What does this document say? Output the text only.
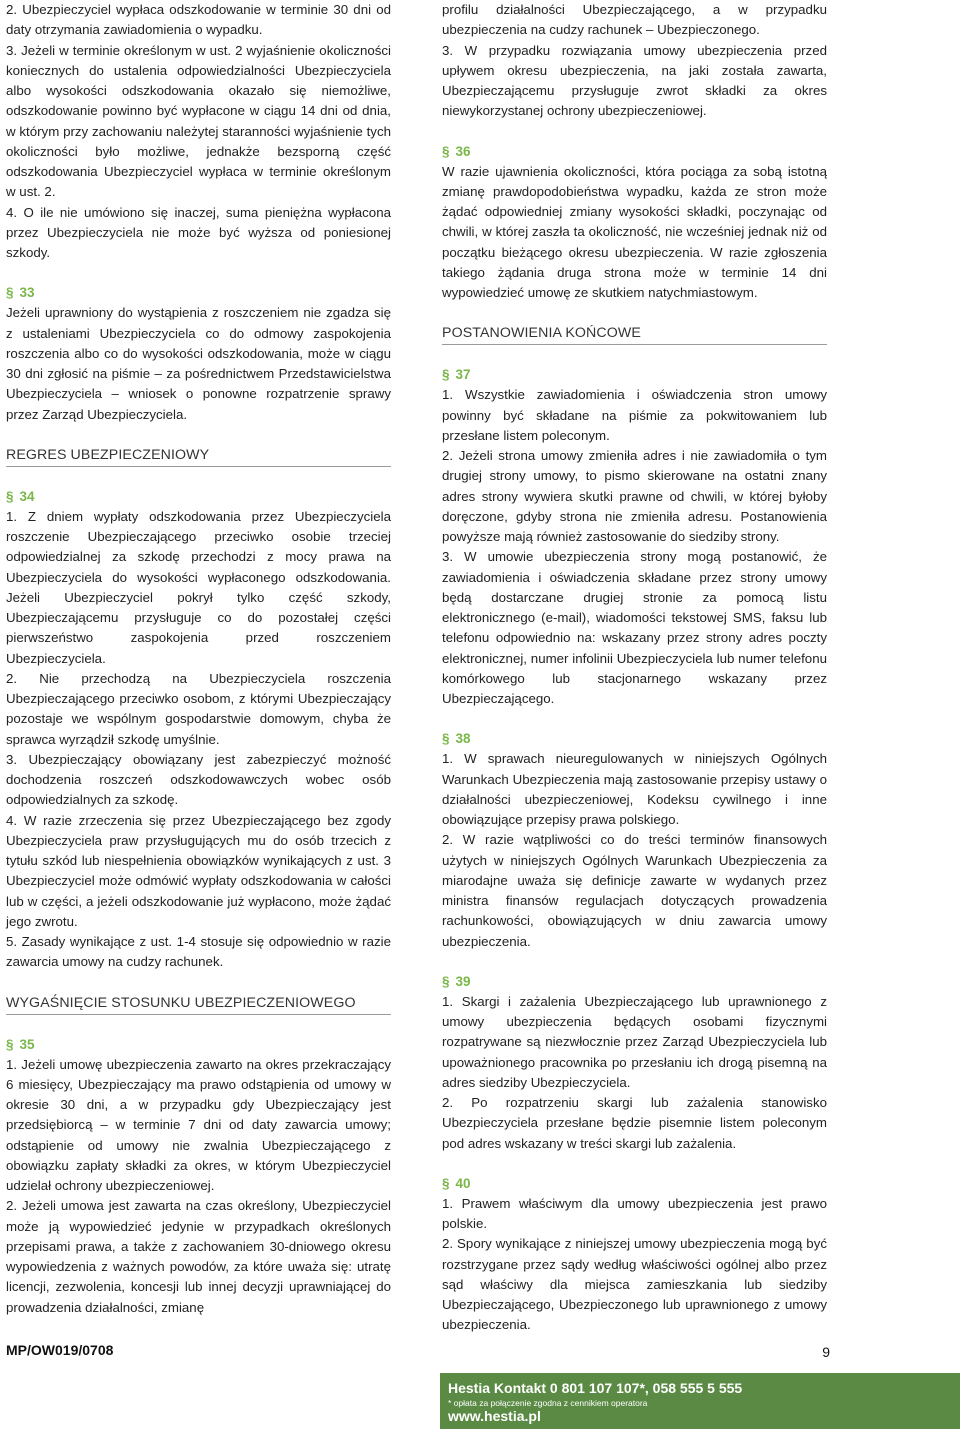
2. Ubezpieczyciel wypłaca odszkodowanie w terminie 30 dni od daty otrzymania zawiadomienia o wypadku.

3. Jeżeli w terminie określonym w ust. 2 wyjaśnienie okoliczności koniecznych do ustalenia odpowiedzialności Ubezpieczyciela albo wysokości odszkodowania okazało się niemożliwe, odszkodowanie powinno być wypłacone w ciągu 14 dni od dnia, w którym przy zachowaniu należytej staranności wyjaśnienie tych okoliczności było możliwe, jednakże bezsporną część odszkodowania Ubezpieczyciel wypłaca w terminie określonym w ust. 2.

4. O ile nie umówiono się inaczej, suma pieniężna wypłacona przez Ubezpieczyciela nie może być wyższa od poniesionej szkody.

§ 33

Jeżeli uprawniony do wystąpienia z roszczeniem nie zgadza się z ustaleniami Ubezpieczyciela co do odmowy zaspokojenia roszczenia albo co do wysokości odszkodowania, może w ciągu 30 dni zgłosić na piśmie – za pośrednictwem Przedstawicielstwa Ubezpieczyciela – wniosek o ponowne rozpatrzenie sprawy przez Zarząd Ubezpieczyciela.

REGRES UBEZPIECZENIOWY

§ 34

1. Z dniem wypłaty odszkodowania przez Ubezpieczyciela roszczenie Ubezpieczającego przeciwko osobie trzeciej odpowiedzialnej za szkodę przechodzi z mocy prawa na Ubezpieczyciela do wysokości wypłaconego odszkodowania. Jeżeli Ubezpieczyciel pokrył tylko część szkody, Ubezpieczającemu przysługuje co do pozostałej części pierwszeństwo zaspokojenia przed roszczeniem Ubezpieczyciela.

2. Nie przechodzą na Ubezpieczyciela roszczenia Ubezpieczającego przeciwko osobom, z którymi Ubezpieczający pozostaje we wspólnym gospodarstwie domowym, chyba że sprawca wyrządził szkodę umyślnie.

3. Ubezpieczający obowiązany jest zabezpieczyć możność dochodzenia roszczeń odszkodowawczych wobec osób odpowiedzialnych za szkodę.

4. W razie zrzeczenia się przez Ubezpieczającego bez zgody Ubezpieczyciela praw przysługujących mu do osób trzecich z tytułu szkód lub niespełnienia obowiązków wynikających z ust. 3 Ubezpieczyciel może odmówić wypłaty odszkodowania w całości lub w części, a jeżeli odszkodowanie już wypłacono, może żądać jego zwrotu.

5. Zasady wynikające z ust. 1-4 stosuje się odpowiednio w razie zawarcia umowy na cudzy rachunek.

WYGAŚNIĘCIE STOSUNKU UBEZPIECZENIOWEGO

§ 35

1. Jeżeli umowę ubezpieczenia zawarto na okres przekraczający 6 miesięcy, Ubezpieczający ma prawo odstąpienia od umowy w okresie 30 dni, a w przypadku gdy Ubezpieczający jest przedsiębiorcą – w terminie 7 dni od daty zawarcia umowy; odstąpienie od umowy nie zwalnia Ubezpieczającego z obowiązku zapłaty składki za okres, w którym Ubezpieczyciel udzielał ochrony ubezpieczeniowej.

2. Jeżeli umowa jest zawarta na czas określony, Ubezpieczyciel może ją wypowiedzieć jedynie w przypadkach określonych przepisami prawa, a także z zachowaniem 30-dniowego okresu wypowiedzenia z ważnych powodów, za które uważa się: utratę licencji, zezwolenia, koncesji lub innej decyzji uprawniającej do prowadzenia działalności, zmianę

profilu działalności Ubezpieczającego, a w przypadku ubezpieczenia na cudzy rachunek – Ubezpieczonego.

3. W przypadku rozwiązania umowy ubezpieczenia przed upływem okresu ubezpieczenia, na jaki została zawarta, Ubezpieczającemu przysługuje zwrot składki za okres niewykorzystanej ochrony ubezpieczeniowej.

§ 36

W razie ujawnienia okoliczności, która pociąga za sobą istotną zmianę prawdopodobieństwa wypadku, każda ze stron może żądać odpowiedniej zmiany wysokości składki, poczynając od chwili, w której zaszła ta okoliczność, nie wcześniej jednak niż od początku bieżącego okresu ubezpieczenia. W razie zgłoszenia takiego żądania druga strona może w terminie 14 dni wypowiedzieć umowę ze skutkiem natychmiastowym.

POSTANOWIENIA KOŃCOWE

§ 37

1. Wszystkie zawiadomienia i oświadczenia stron umowy powinny być składane na piśmie za pokwitowaniem lub przesłane listem poleconym.

2. Jeżeli strona umowy zmieniła adres i nie zawiadomiła o tym drugiej strony umowy, to pismo skierowane na ostatni znany adres strony wywiera skutki prawne od chwili, w której byłoby doręczone, gdyby strona nie zmieniła adresu. Postanowienia powyższe mają również zastosowanie do siedziby strony.

3. W umowie ubezpieczenia strony mogą postanowić, że zawiadomienia i oświadczenia składane przez strony umowy będą dostarczane drugiej stronie za pomocą listu elektronicznego (e-mail), wiadomości tekstowej SMS, faksu lub telefonu odpowiednio na: wskazany przez strony adres poczty elektronicznej, numer infolinii Ubezpieczyciela lub numer telefonu komórkowego lub stacjonarnego wskazany przez Ubezpieczającego.

§ 38

1. W sprawach nieuregulowanych w niniejszych Ogólnych Warunkach Ubezpieczenia mają zastosowanie przepisy ustawy o działalności ubezpieczeniowej, Kodeksu cywilnego i inne obowiązujące przepisy prawa polskiego.

2. W razie wątpliwości co do treści terminów finansowych użytych w niniejszych Ogólnych Warunkach Ubezpieczenia za miarodajne uważa się definicje zawarte w wydanych przez ministra finansów regulacjach dotyczących prowadzenia rachunkowości, obowiązujących w dniu zawarcia umowy ubezpieczenia.

§ 39

1. Skargi i zażalenia Ubezpieczającego lub uprawnionego z umowy ubezpieczenia będących osobami fizycznymi rozpatrywane są niezwłocznie przez Zarząd Ubezpieczyciela lub upoważnionego pracownika po przesłaniu ich drogą pisemną na adres siedziby Ubezpieczyciela.

2. Po rozpatrzeniu skargi lub zażalenia stanowisko Ubezpieczyciela przesłane będzie pisemnie listem poleconym pod adres wskazany w treści skargi lub zażalenia.

§ 40

1. Prawem właściwym dla umowy ubezpieczenia jest prawo polskie.

2. Spory wynikające z niniejszej umowy ubezpieczenia mogą być rozstrzygane przez sądy według właściwości ogólnej albo przez sąd właściwy dla miejsca zamieszkania lub siedziby Ubezpieczającego, Ubezpieczonego lub uprawnionego z umowy ubezpieczenia.

MP/OW019/0708	9
Hestia Kontakt 0 801 107 107*, 058 555 5 555
* opłata za połączenie zgodna z cennikiem operatora
www.hestia.pl
